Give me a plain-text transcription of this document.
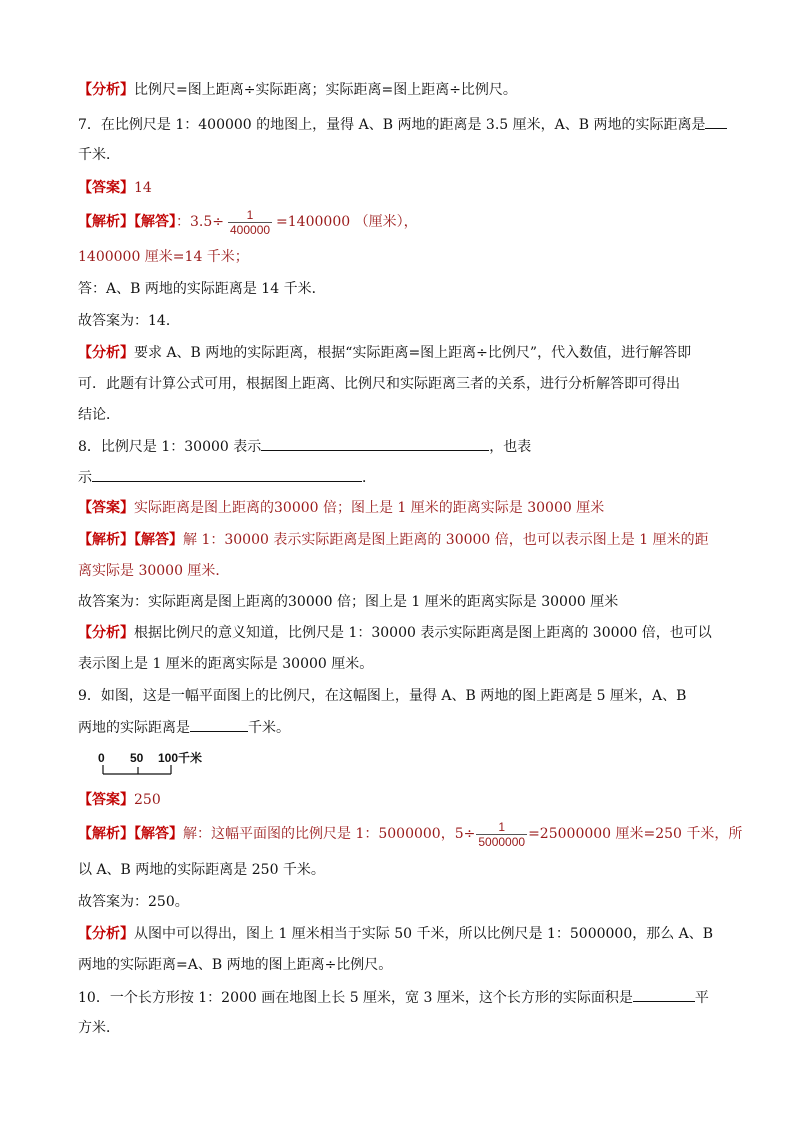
【分析】比例尺=图上距离÷实际距离；实际距离=图上距离÷比例尺。
7．在比例尺是 1：400000 的地图上，量得 A、B 两地的距离是 3.5 厘米，A、B 两地的实际距离是
千米．
【答案】14
【解析】【解答】：$3.5\div \frac{1}{400000} =1400000$ （厘米），
1400000 厘米=14 千米；
答：A、B 两地的实际距离是 14 千米．
故答案为：14．
【分析】要求 A、B 两地的实际距离，根据“实际距离=图上距离÷比例尺”，代入数值，进行解答即
可．此题有计算公式可用，根据图上距离、比例尺和实际距离三者的关系，进行分析解答即可得出
结论．
8．比例尺是 1：30000 表示	，也表
示	．
【答案】实际距离是图上距离的30000 倍；图上是 1 厘米的距离实际是 30000 厘米
【解析】【解答】解 1：30000 表示实际距离是图上距离的 30000 倍，也可以表示图上是 1 厘米的距
离实际是 30000 厘米．
故答案为：实际距离是图上距离的30000 倍；图上是 1 厘米的距离实际是 30000 厘米
【分析】根据比例尺的意义知道，比例尺是 1：30000 表示实际距离是图上距离的 30000 倍，也可以
表示图上是 1 厘米的距离实际是 30000 厘米。
9．如图，这是一幅平面图上的比例尺，在这幅图上，量得 A、B 两地的图上距离是 5 厘米，A、B
两地的实际距离是	千米。
0 50 100千米
【答案】250
【解析】【解答】解：这幅平面图的比例尺是 1：5000000，$5\div \frac{1}{5000000} =25000000$ 厘米=250 千米，所
以 A、B 两地的实际距离是 250 千米。
故答案为：250。
【分析】从图中可以得出，图上 1 厘米相当于实际 50 千米，所以比例尺是 1：5000000，那么 A、B
两地的实际距离=A、B 两地的图上距离÷比例尺。
10．一个长方形按 1：2000 画在地图上长 5 厘米，宽 3 厘米，这个长方形的实际面积是	平
方米．
